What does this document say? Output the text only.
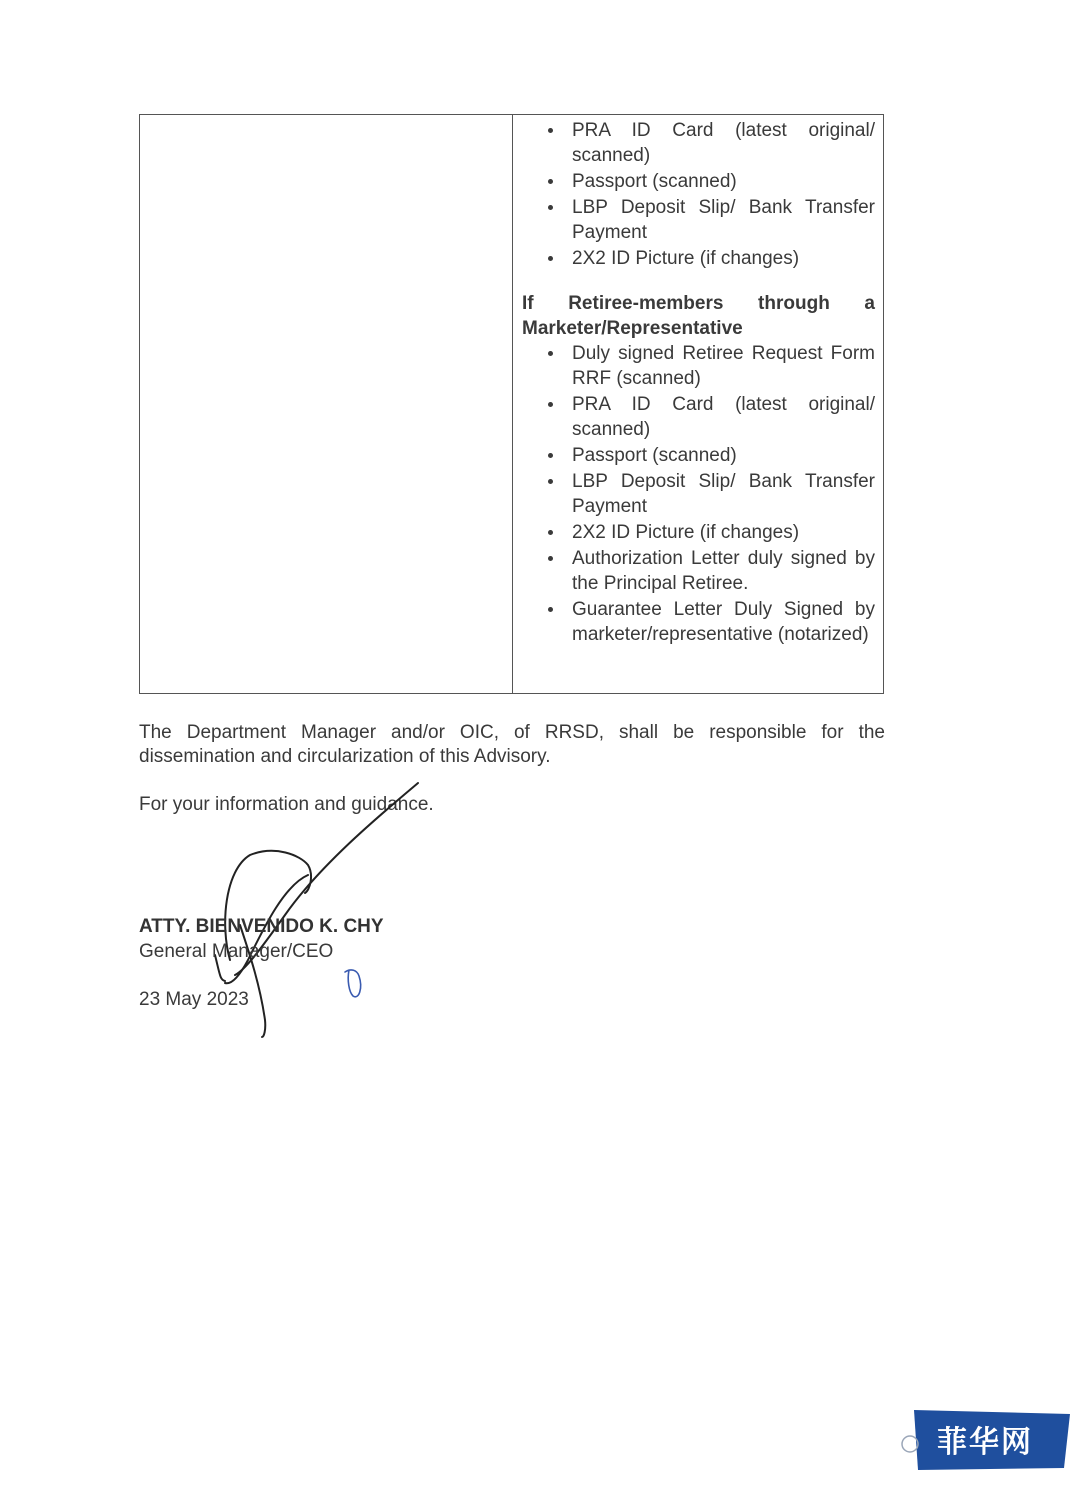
PRA ID Card (latest original/ scanned)
Passport (scanned)
LBP Deposit Slip/ Bank Transfer Payment
2X2 ID Picture (if changes)
If Retiree-members through a
Marketer/Representative
Duly signed Retiree Request Form RRF (scanned)
PRA ID Card (latest original/ scanned)
Passport (scanned)
LBP Deposit Slip/ Bank Transfer Payment
2X2 ID Picture (if changes)
Authorization Letter duly signed by the Principal Retiree.
Guarantee Letter Duly Signed by marketer/representative (notarized)
The Department Manager and/or OIC, of RRSD, shall be responsible for the dissemination and circularization of this Advisory.
For your information and guidance.
ATTY. BIENVENIDO K. CHY
General Manager/CEO
23 May 2023
菲华网
